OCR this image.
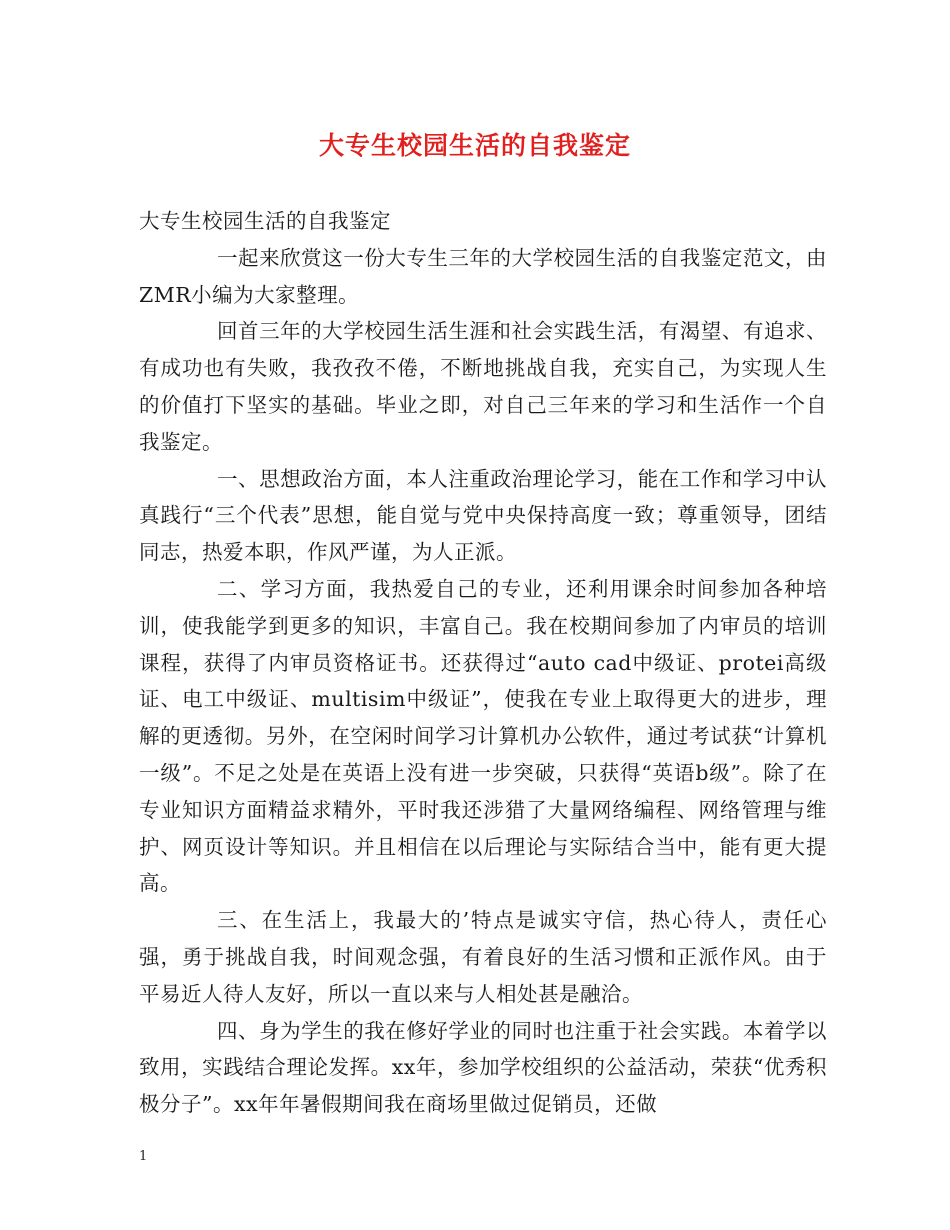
大专生校园生活的自我鉴定

大专生校园生活的自我鉴定

一起来欣赏这一份大专生三年的大学校园生活的自我鉴定范文，由ZMR小编为大家整理。

回首三年的大学校园生活生涯和社会实践生活，有渴望、有追求、有成功也有失败，我孜孜不倦，不断地挑战自我，充实自己，为实现人生的价值打下坚实的基础。毕业之即，对自己三年来的学习和生活作一个自我鉴定。

一、思想政治方面，本人注重政治理论学习，能在工作和学习中认真践行“三个代表”思想，能自觉与党中央保持高度一致；尊重领导，团结同志，热爱本职，作风严谨，为人正派。

二、学习方面，我热爱自己的专业，还利用课余时间参加各种培训，使我能学到更多的知识，丰富自己。我在校期间参加了内审员的培训课程，获得了内审员资格证书。还获得过“auto cad中级证、protei高级证、电工中级证、multisim中级证”，使我在专业上取得更大的进步，理解的更透彻。另外，在空闲时间学习计算机办公软件，通过考试获“计算机一级”。不足之处是在英语上没有进一步突破，只获得“英语b级”。除了在专业知识方面精益求精外，平时我还涉猎了大量网络编程、网络管理与维护、网页设计等知识。并且相信在以后理论与实际结合当中，能有更大提高。

三、在生活上，我最大的’特点是诚实守信，热心待人，责任心强，勇于挑战自我，时间观念强，有着良好的生活习惯和正派作风。由于平易近人待人友好，所以一直以来与人相处甚是融洽。

四、身为学生的我在修好学业的同时也注重于社会实践。本着学以致用，实践结合理论发挥。xx年，参加学校组织的公益活动，荣获“优秀积极分子”。xx年年暑假期间我在商场里做过促销员，还做

1
